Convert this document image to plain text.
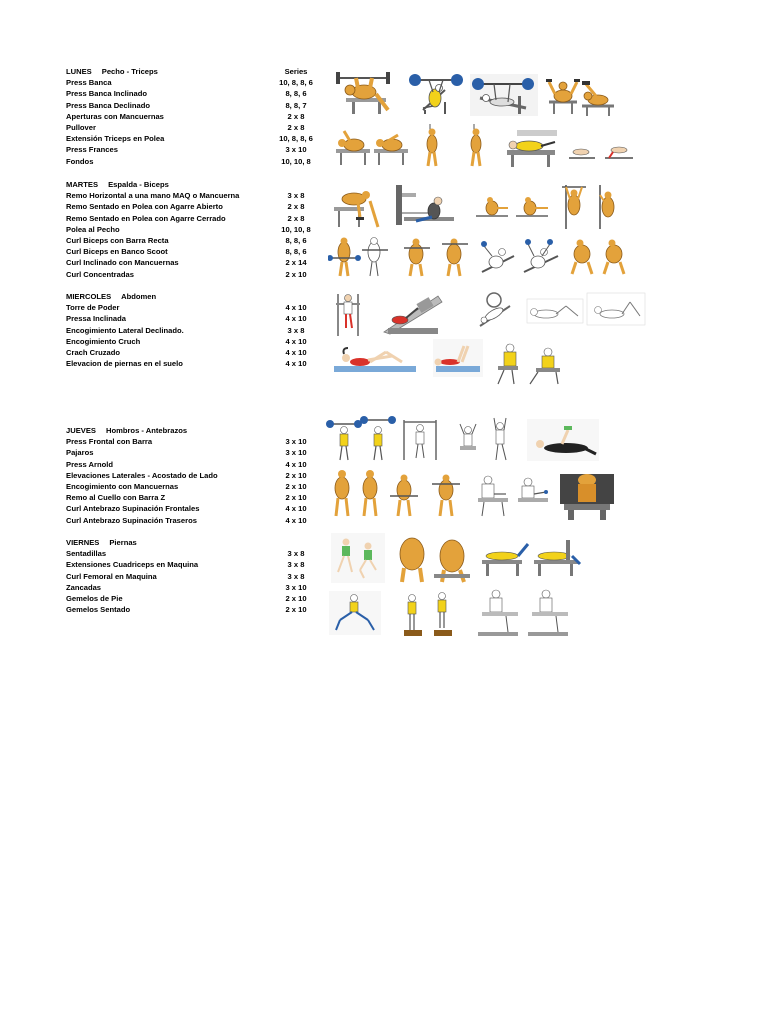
LUNES Pecho - Triceps	Series
Press Banca	10, 8, 8, 6
Press Banca Inclinado	8, 8, 6
Press Banca Declinado	8, 8, 7
Aperturas con Mancuernas	2 x 8
Pullover	2 x 8
Extensión Triceps en Polea	10, 8, 8, 6
Press Frances	3 x 10
Fondos	10, 10, 8
MARTES Espalda - Biceps
Remo Horizontal a una mano MAQ o Mancuerna	3 x 8
Remo Sentado en Polea con Agarre Abierto	2 x 8
Remo Sentado en Polea con Agarre Cerrado	2 x 8
Polea al Pecho	10, 10, 8
Curl Biceps con Barra Recta	8, 8, 6
Curl Biceps en Banco Scoot	8, 8, 6
Curl Inclinado con Mancuernas	2 x 14
Curl Concentradas	2 x 10
MIERCOLES Abdomen
Torre de Poder	4 x 10
Pressa Inclinada	4 x 10
Encogimiento Lateral Declinado.	3 x 8
Encogimiento Cruch	4 x 10
Crach Cruzado	4 x 10
Elevacion de piernas en el suelo	4 x 10
JUEVES Hombros - Antebrazos
Press Frontal con Barra	3 x 10
Pajaros	3 x 10
Press Arnold	4 x 10
Elevaciones Laterales - Acostado de Lado	2 x 10
Encogimiento con Mancuernas	2 x 10
Remo al Cuello con Barra Z	2 x 10
Curl Antebrazo Supinación Frontales	4 x 10
Curl Antebrazo Supinación Traseros	4 x 10
VIERNES Piernas
Sentadillas	3 x 8
Extensiones Cuadriceps en Maquina	3 x 8
Curl Femoral en Maquina	3 x 8
Zancadas	3 x 10
Gemelos de Pie	2 x 10
Gemelos Sentado	2 x 10
